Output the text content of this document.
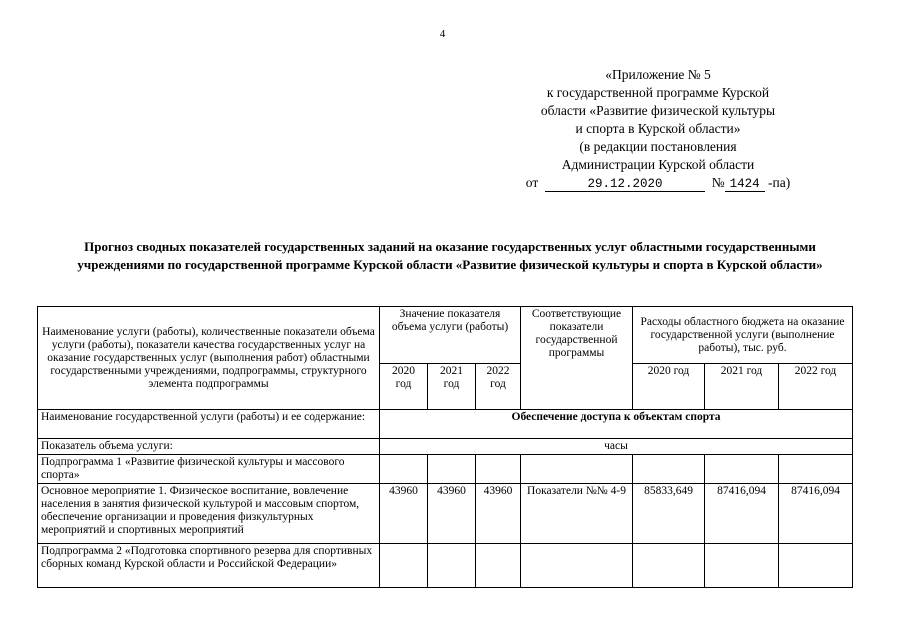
4
«Приложение № 5
к государственной программе Курской
области «Развитие физической культуры
и спорта в Курской области»
(в редакции постановления
Администрации Курской области
от	29.12.2020	№ 1424 -па)
Прогноз сводных показателей государственных заданий на оказание государственных услуг областными государственными учреждениями по государственной программе Курской области «Развитие физической культуры и спорта в Курской области»
Наименование услуги (работы), количественные показатели объема услуги (работы), показатели качества государственных услуг на оказание государственных услуг (выполнения работ) областными государственными учреждениями, подпрограммы, структурного элемента подпрограммы	Значение показателя объема услуги (работы)			Соответствующие показатели государственной программы	Расходы областного бюджета на оказание государственной услуги (выполнение работы), тыс. руб.		
	2020 год	2021 год	2022 год		2020 год	2021 год	2022 год
Наименование государственной услуги (работы) и ее содержание:	Обеспечение доступа к объектам спорта						
Показатель объема услуги:	часы						
Подпрограмма 1 «Развитие физической культуры и массового спорта»							
Основное мероприятие 1. Физическое воспитание, вовлечение населения в занятия физической культурой и массовым спортом, обеспечение организации и проведения физкультурных мероприятий и спортивных мероприятий	43960	43960	43960	Показатели №№ 4-9	85833,649	87416,094	87416,094
Подпрограмма 2 «Подготовка спортивного резерва для спортивных сборных команд Курской области и Российской Федерации»							
